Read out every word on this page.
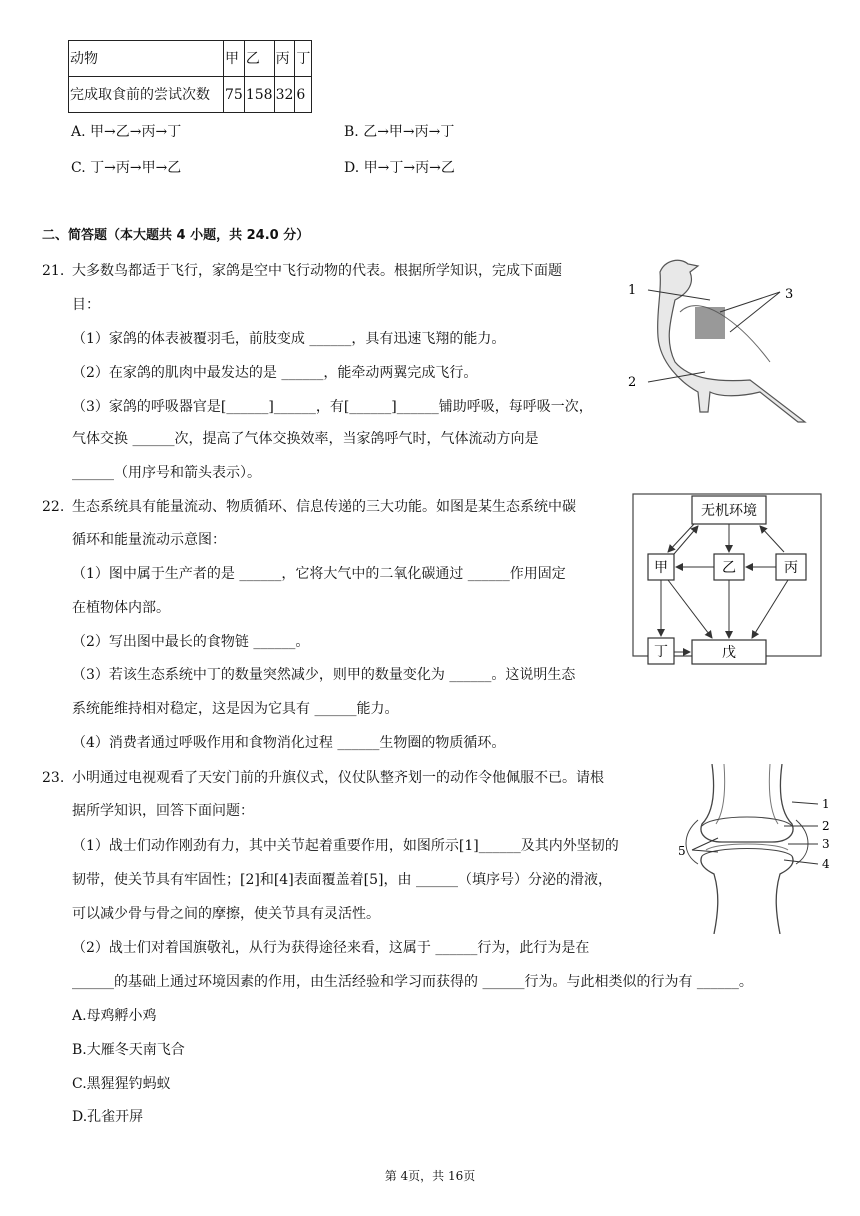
动物	甲	乙	丙	丁
完成取食前的尝试次数	75	158	32	6
A. 甲→乙→丙→丁	B. 乙→甲→丙→丁
C. 丁→丙→甲→乙	D. 甲→丁→丙→乙
二、简答题（本大题共 4 小题，共 24.0 分）
21. 大多数鸟都适于飞行，家鸽是空中飞行动物的代表。根据所学知识，完成下面题
目：
（1）家鸽的体表被覆羽毛，前肢变成 ______，具有迅速飞翔的能力。
（2）在家鸽的肌肉中最发达的是 ______，能牵动两翼完成飞行。
（3）家鸽的呼吸器官是[______]______，有[______]______铺助呼吸，每呼吸一次，
气体交换 ______次，提高了气体交换效率，当家鸽呼气时，气体流动方向是
______（用序号和箭头表示）。
1
2
3
22. 生态系统具有能量流动、物质循环、信息传递的三大功能。如图是某生态系统中碳
循环和能量流动示意图：
（1）图中属于生产者的是 ______，它将大气中的二氧化碳通过 ______作用固定
在植物体内部。
（2）写出图中最长的食物链 ______。
（3）若该生态系统中丁的数量突然减少，则甲的数量变化为 ______。这说明生态
系统能维持相对稳定，这是因为它具有 ______能力。
（4）消费者通过呼吸作用和食物消化过程 ______生物圈的物质循环。
无机环境
甲	乙	丙
丁	戊
23. 小明通过电视观看了天安门前的升旗仪式，仪仗队整齐划一的动作令他佩服不已。请根
据所学知识，回答下面问题：
（1）战士们动作刚劲有力，其中关节起着重要作用，如图所示[1]______及其内外坚韧的
韧带，使关节具有牢固性；[2]和[4]表面覆盖着[5]，由 ______（填序号）分泌的滑液，
可以减少骨与骨之间的摩擦，使关节具有灵活性。
（2）战士们对着国旗敬礼，从行为获得途径来看，这属于 ______行为，此行为是在
______的基础上通过环境因素的作用，由生活经验和学习而获得的 ______行为。与此相类似的行为有 ______。
A.母鸡孵小鸡
B.大雁冬天南飞合
C.黑猩猩钓蚂蚁
D.孔雀开屏
1
2
3
4
5
第 4页，共 16页
